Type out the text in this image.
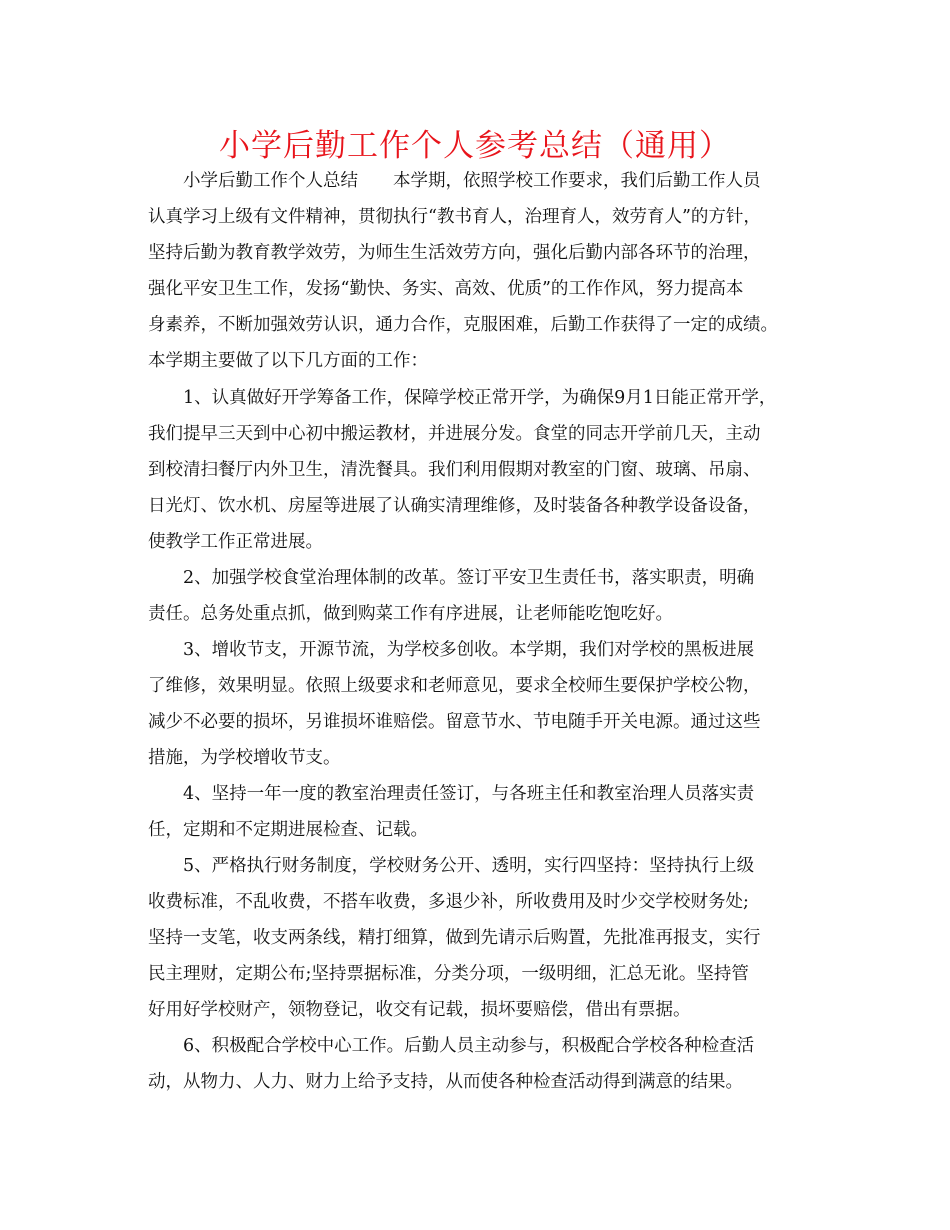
小学后勤工作个人参考总结（通用）
　　小学后勤工作个人总结　　本学期，依照学校工作要求，我们后勤工作人员
认真学习上级有文件精神，贯彻执行“教书育人，治理育人，效劳育人”的方针，
坚持后勤为教育教学效劳，为师生生活效劳方向，强化后勤内部各环节的治理，
强化平安卫生工作，发扬“勤快、务实、高效、优质”的工作作风，努力提高本
身素养，不断加强效劳认识，通力合作，克服困难，后勤工作获得了一定的成绩。
本学期主要做了以下几方面的工作：
　　1、认真做好开学筹备工作，保障学校正常开学，为确保9月1日能正常开学，
我们提早三天到中心初中搬运教材，并进展分发。食堂的同志开学前几天，主动
到校清扫餐厅内外卫生，清洗餐具。我们利用假期对教室的门窗、玻璃、吊扇、
日光灯、饮水机、房屋等进展了认确实清理维修，及时装备各种教学设备设备，
使教学工作正常进展。
　　2、加强学校食堂治理体制的改革。签订平安卫生责任书，落实职责，明确
责任。总务处重点抓，做到购菜工作有序进展，让老师能吃饱吃好。
　　3、增收节支，开源节流，为学校多创收。本学期，我们对学校的黑板进展
了维修，效果明显。依照上级要求和老师意见，要求全校师生要保护学校公物，
减少不必要的损坏，另谁损坏谁赔偿。留意节水、节电随手开关电源。通过这些
措施，为学校增收节支。
　　4、坚持一年一度的教室治理责任签订，与各班主任和教室治理人员落实责
任，定期和不定期进展检查、记载。
　　5、严格执行财务制度，学校财务公开、透明，实行四坚持：坚持执行上级
收费标准，不乱收费，不搭车收费，多退少补，所收费用及时少交学校财务处;
坚持一支笔，收支两条线，精打细算，做到先请示后购置，先批准再报支，实行
民主理财，定期公布;坚持票据标准，分类分项，一级明细，汇总无讹。坚持管
好用好学校财产，领物登记，收交有记载，损坏要赔偿，借出有票据。
　　6、积极配合学校中心工作。后勤人员主动参与，积极配合学校各种检查活
动，从物力、人力、财力上给予支持，从而使各种检查活动得到满意的结果。
